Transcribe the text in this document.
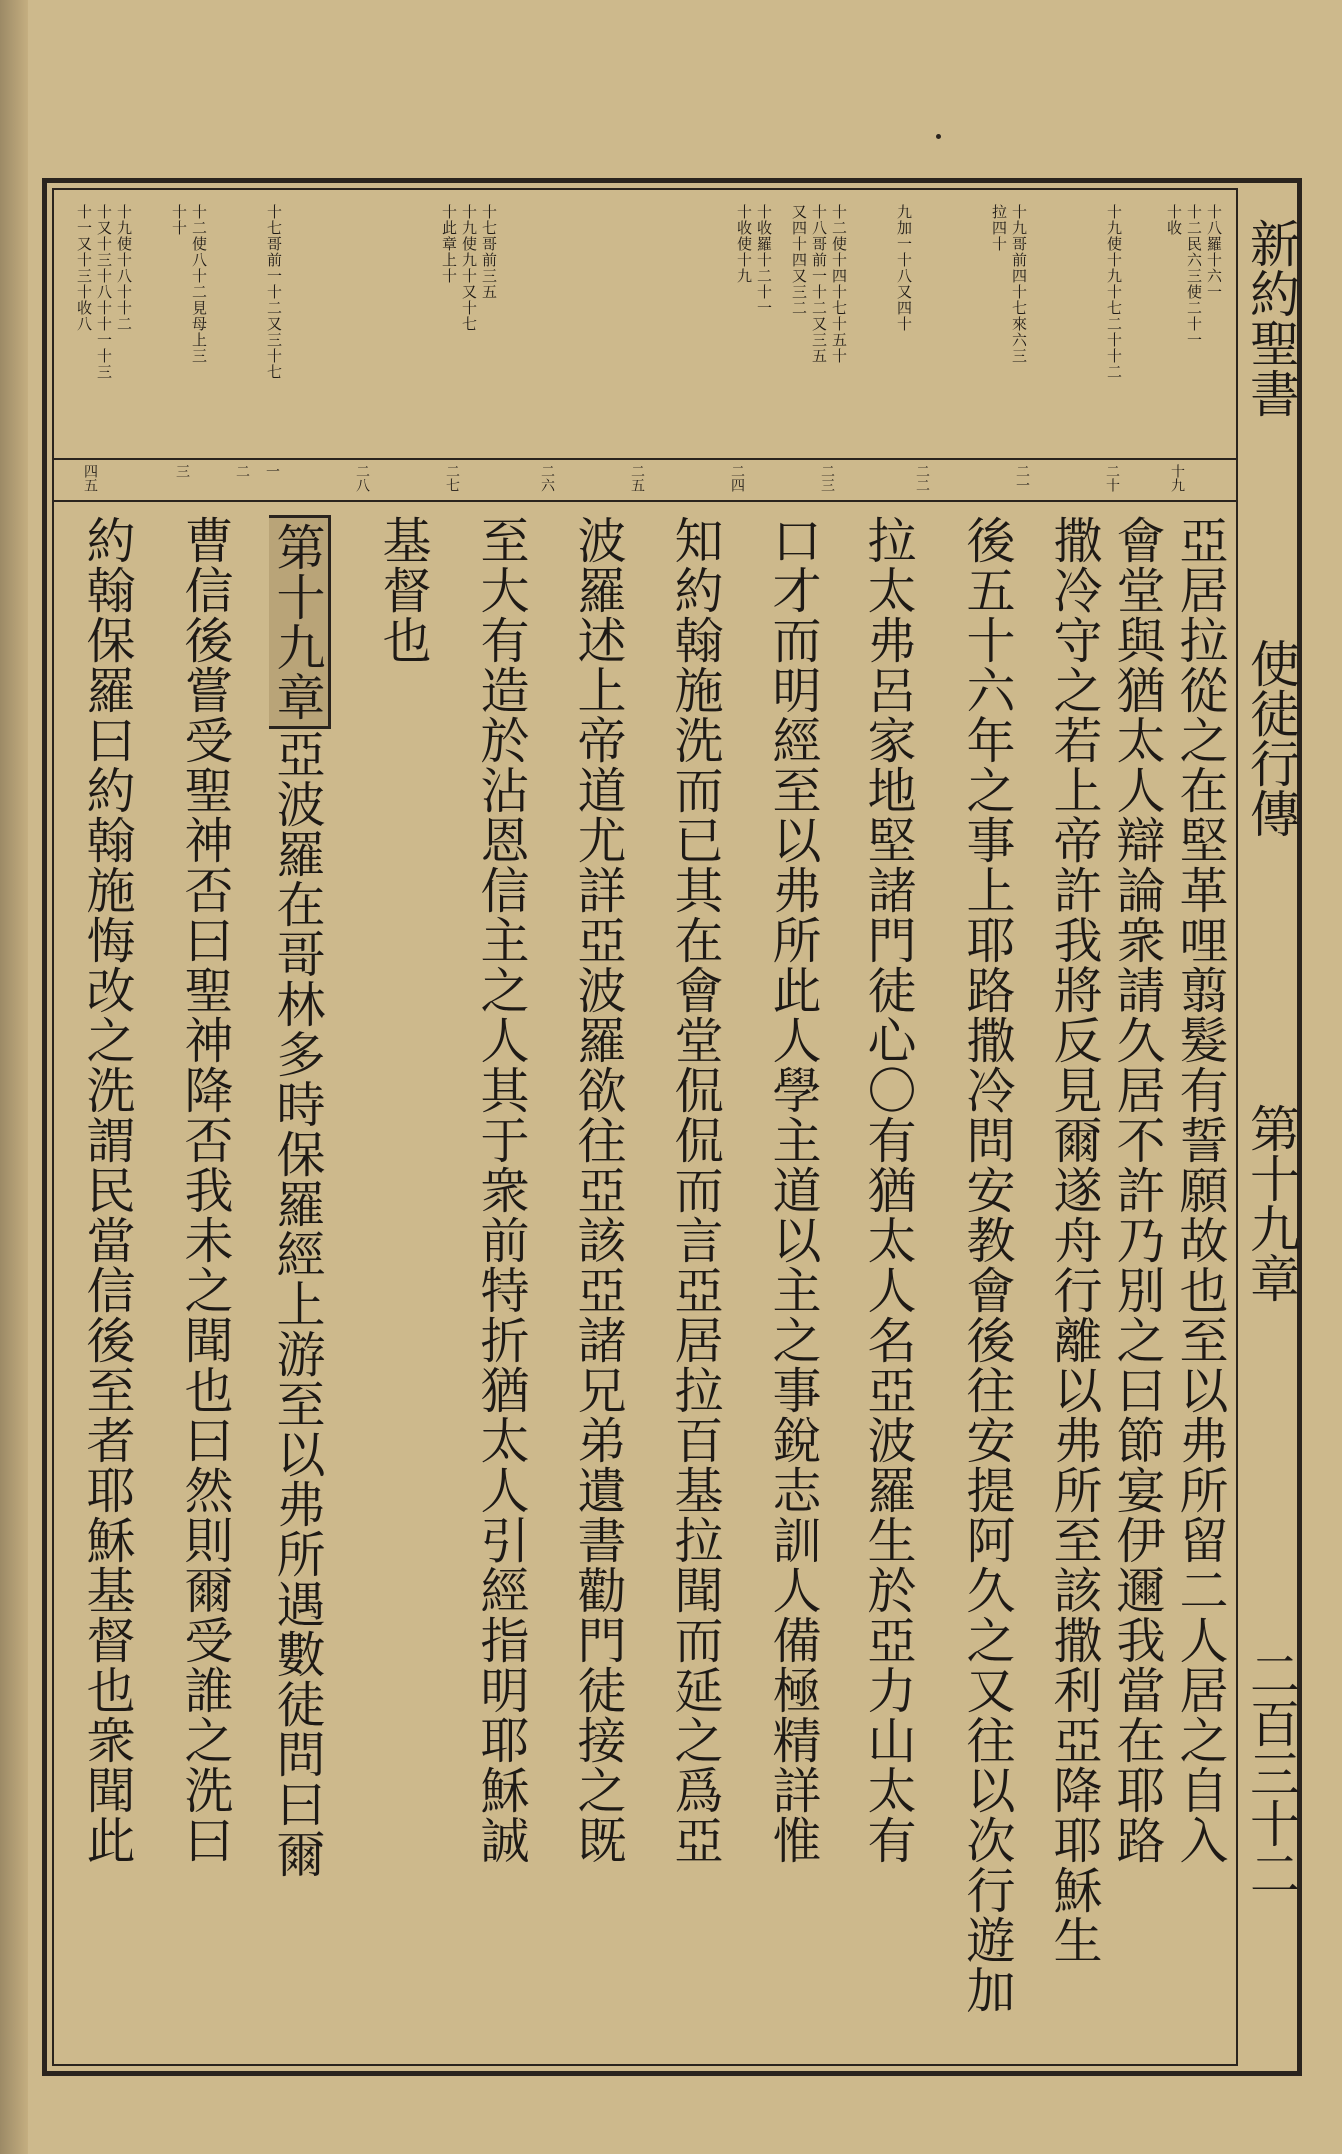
新約聖書
使徒行傳
第十九章
二百三十二
十八羅十六一
十二民六三使二十一
十收
十九使十九十七二十十二
十九哥前四十七來六三
拉四十
九加一十八又四十
十二使十四十七十五十
十八哥前一十二又三五
又四十四又三二
十收羅十二十一
十收使十九
十七哥前三五
十九使九十又十七
十此章上十
十七哥前一十二又三十七
十二使八十二見母上三
十十
十九使十八十十二
十又十三十八十十一十三
十一又十三十收八
十九
二十
二一
二二
二三
二四
二五
二六
二七
二八
一
二
三
四五
亞居拉從之在堅革哩翦髮有誓願故也至以弗所留二人居之自入
會堂與猶太人辯論衆請久居不許乃別之曰節宴伊邇我當在耶路
撒冷守之若上帝許我將反見爾遂舟行離以弗所至該撒利亞降耶穌生
後五十六年之事上耶路撒冷問安教會後往安提阿久之又往以次行遊加
拉太弗呂家地堅諸門徒心〇有猶太人名亞波羅生於亞力山太有
口才而明經至以弗所此人學主道以主之事銳志訓人備極精詳惟
知約翰施洗而已其在會堂侃侃而言亞居拉百基拉聞而延之爲亞
波羅述上帝道尤詳亞波羅欲往亞該亞諸兄弟遺書勸門徒接之既
至大有造於沾恩信主之人其于衆前特折猶太人引經指明耶穌誠
基督也
第十九章亞波羅在哥林多時保羅經上游至以弗所遇數徒問曰爾
曹信後嘗受聖神否曰聖神降否我未之聞也曰然則爾受誰之洗曰
約翰保羅曰約翰施悔改之洗謂民當信後至者耶穌基督也衆聞此
